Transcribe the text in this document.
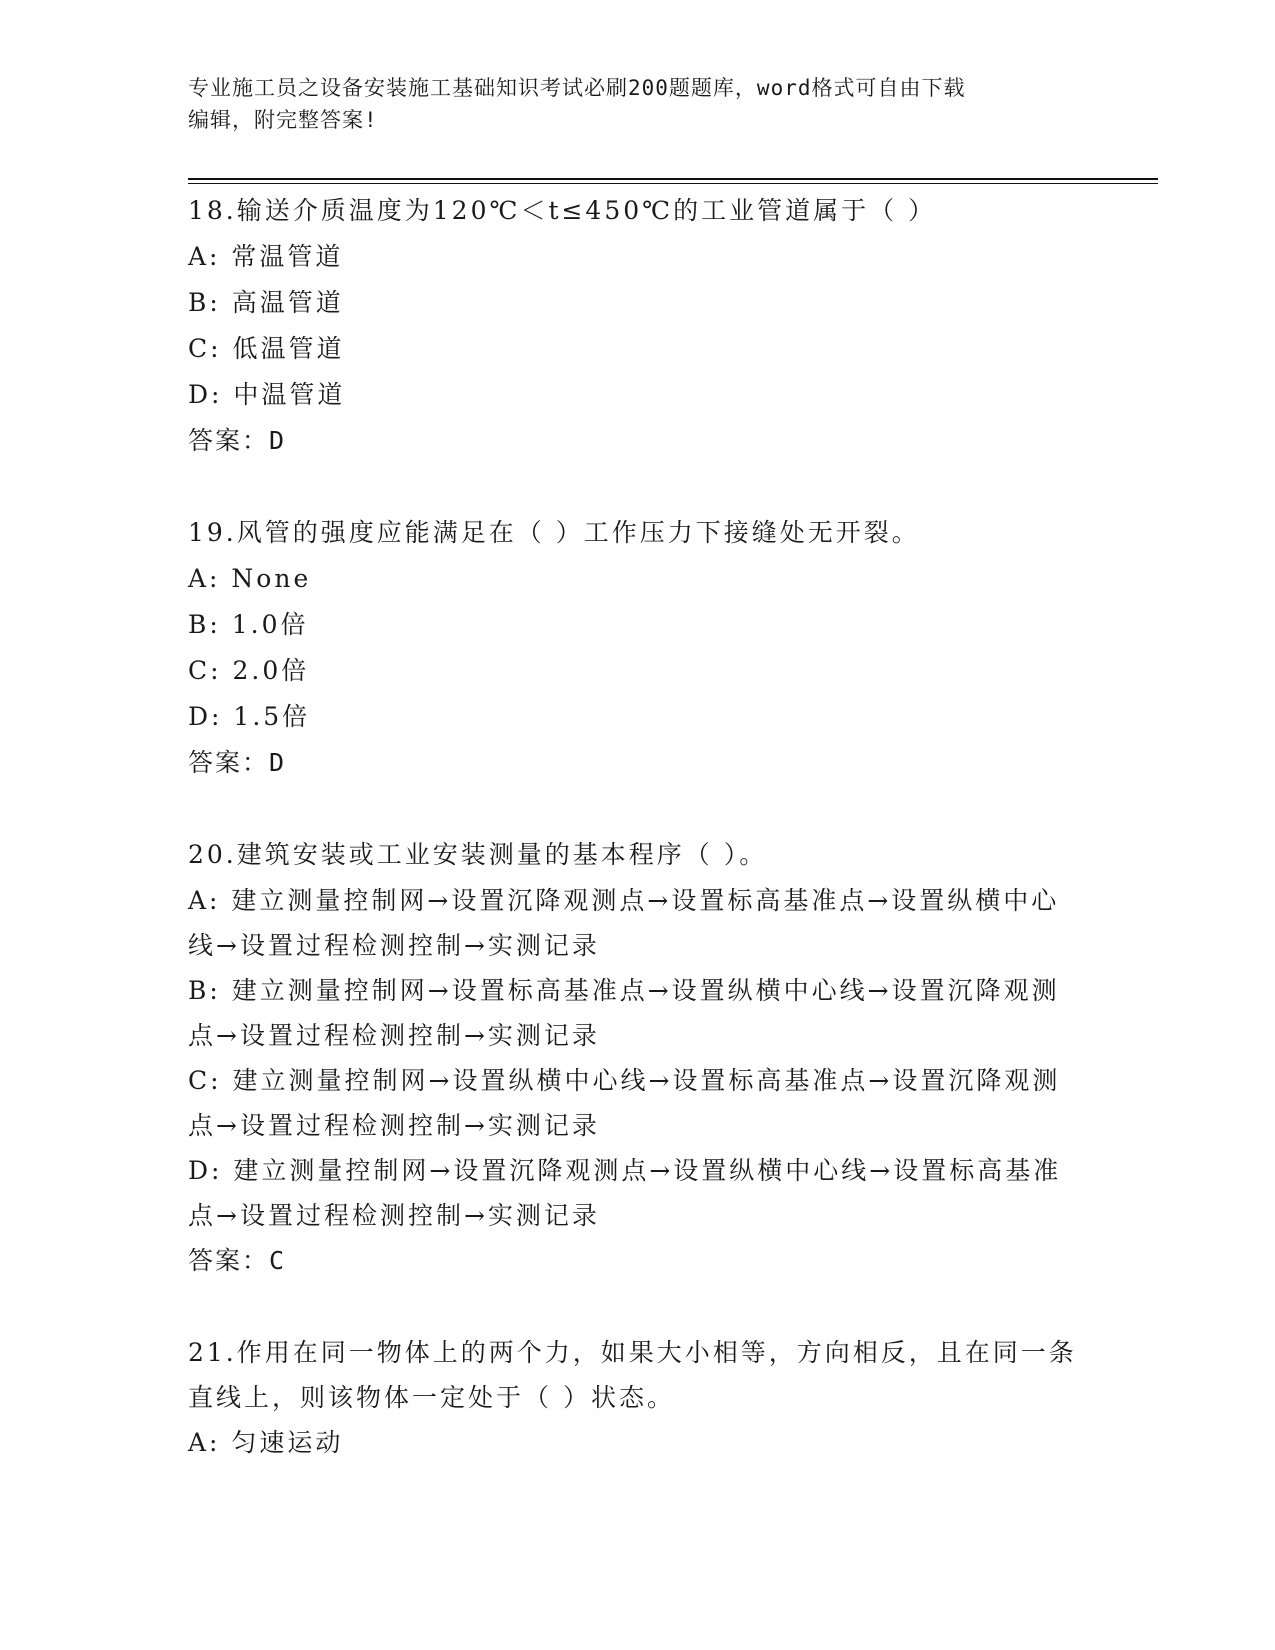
专业施工员之设备安装施工基础知识考试必刷200题题库，word格式可自由下载
编辑，附完整答案!
18.输送介质温度为120℃＜t≤450℃的工业管道属于（ ）
A: 常温管道
B: 高温管道
C: 低温管道
D: 中温管道
答案：D
19.风管的强度应能满足在（ ）工作压力下接缝处无开裂。
A: None
B: 1.0倍
C: 2.0倍
D: 1.5倍
答案：D
20.建筑安装或工业安装测量的基本程序（ ）。
A: 建立测量控制网→设置沉降观测点→设置标高基准点→设置纵横中心线→设置过程检测控制→实测记录
B: 建立测量控制网→设置标高基准点→设置纵横中心线→设置沉降观测点→设置过程检测控制→实测记录
C: 建立测量控制网→设置纵横中心线→设置标高基准点→设置沉降观测点→设置过程检测控制→实测记录
D: 建立测量控制网→设置沉降观测点→设置纵横中心线→设置标高基准点→设置过程检测控制→实测记录
答案：C
21.作用在同一物体上的两个力，如果大小相等，方向相反，且在同一条直线上，则该物体一定处于（ ）状态。
A: 匀速运动
